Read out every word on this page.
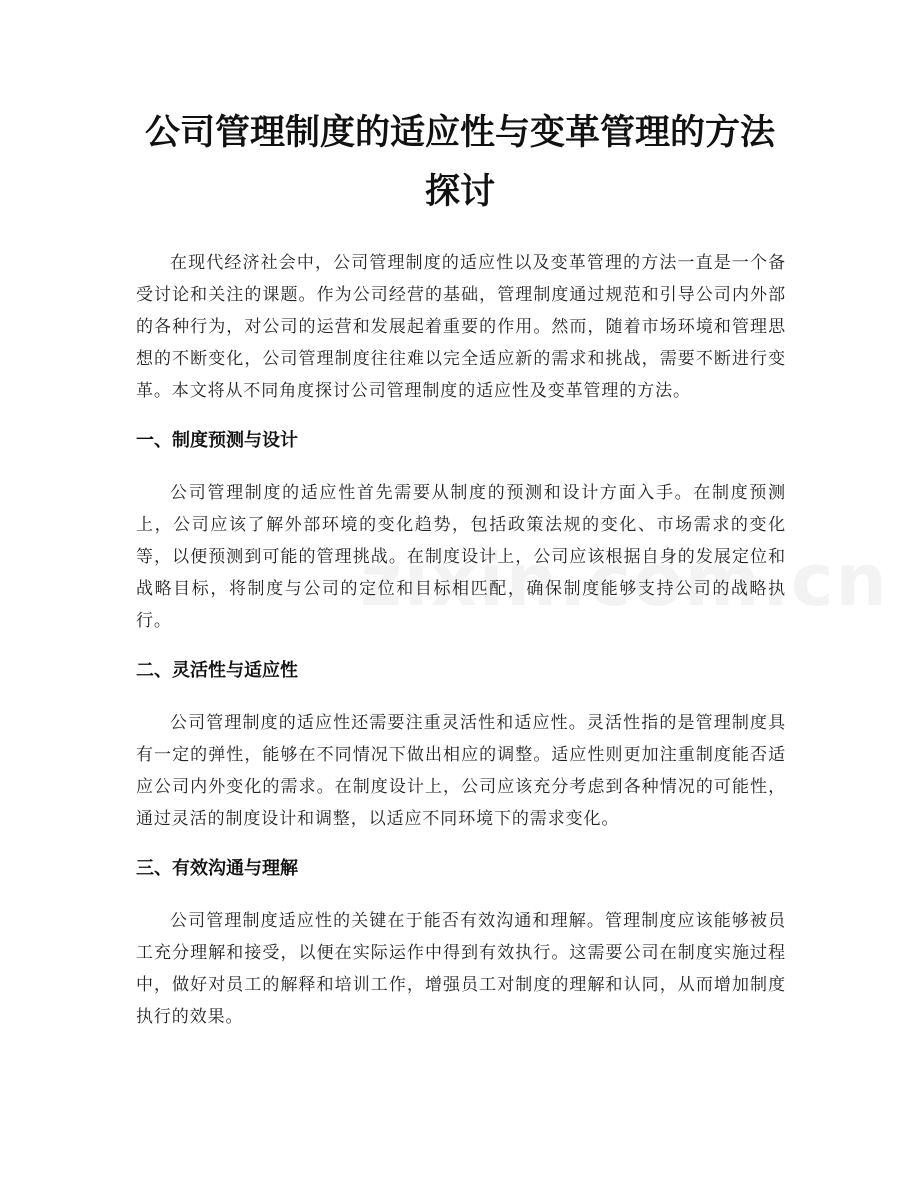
公司管理制度的适应性与变革管理的方法探讨

在现代经济社会中，公司管理制度的适应性以及变革管理的方法一直是一个备受讨论和关注的课题。作为公司经营的基础，管理制度通过规范和引导公司内外部的各种行为，对公司的运营和发展起着重要的作用。然而，随着市场环境和管理思想的不断变化，公司管理制度往往难以完全适应新的需求和挑战，需要不断进行变革。本文将从不同角度探讨公司管理制度的适应性及变革管理的方法。

一、制度预测与设计

公司管理制度的适应性首先需要从制度的预测和设计方面入手。在制度预测上，公司应该了解外部环境的变化趋势，包括政策法规的变化、市场需求的变化等，以便预测到可能的管理挑战。在制度设计上，公司应该根据自身的发展定位和战略目标，将制度与公司的定位和目标相匹配，确保制度能够支持公司的战略执行。

二、灵活性与适应性

公司管理制度的适应性还需要注重灵活性和适应性。灵活性指的是管理制度具有一定的弹性，能够在不同情况下做出相应的调整。适应性则更加注重制度能否适应公司内外变化的需求。在制度设计上，公司应该充分考虑到各种情况的可能性，通过灵活的制度设计和调整，以适应不同环境下的需求变化。

三、有效沟通与理解

公司管理制度适应性的关键在于能否有效沟通和理解。管理制度应该能够被员工充分理解和接受，以便在实际运作中得到有效执行。这需要公司在制度实施过程中，做好对员工的解释和培训工作，增强员工对制度的理解和认同，从而增加制度执行的效果。
